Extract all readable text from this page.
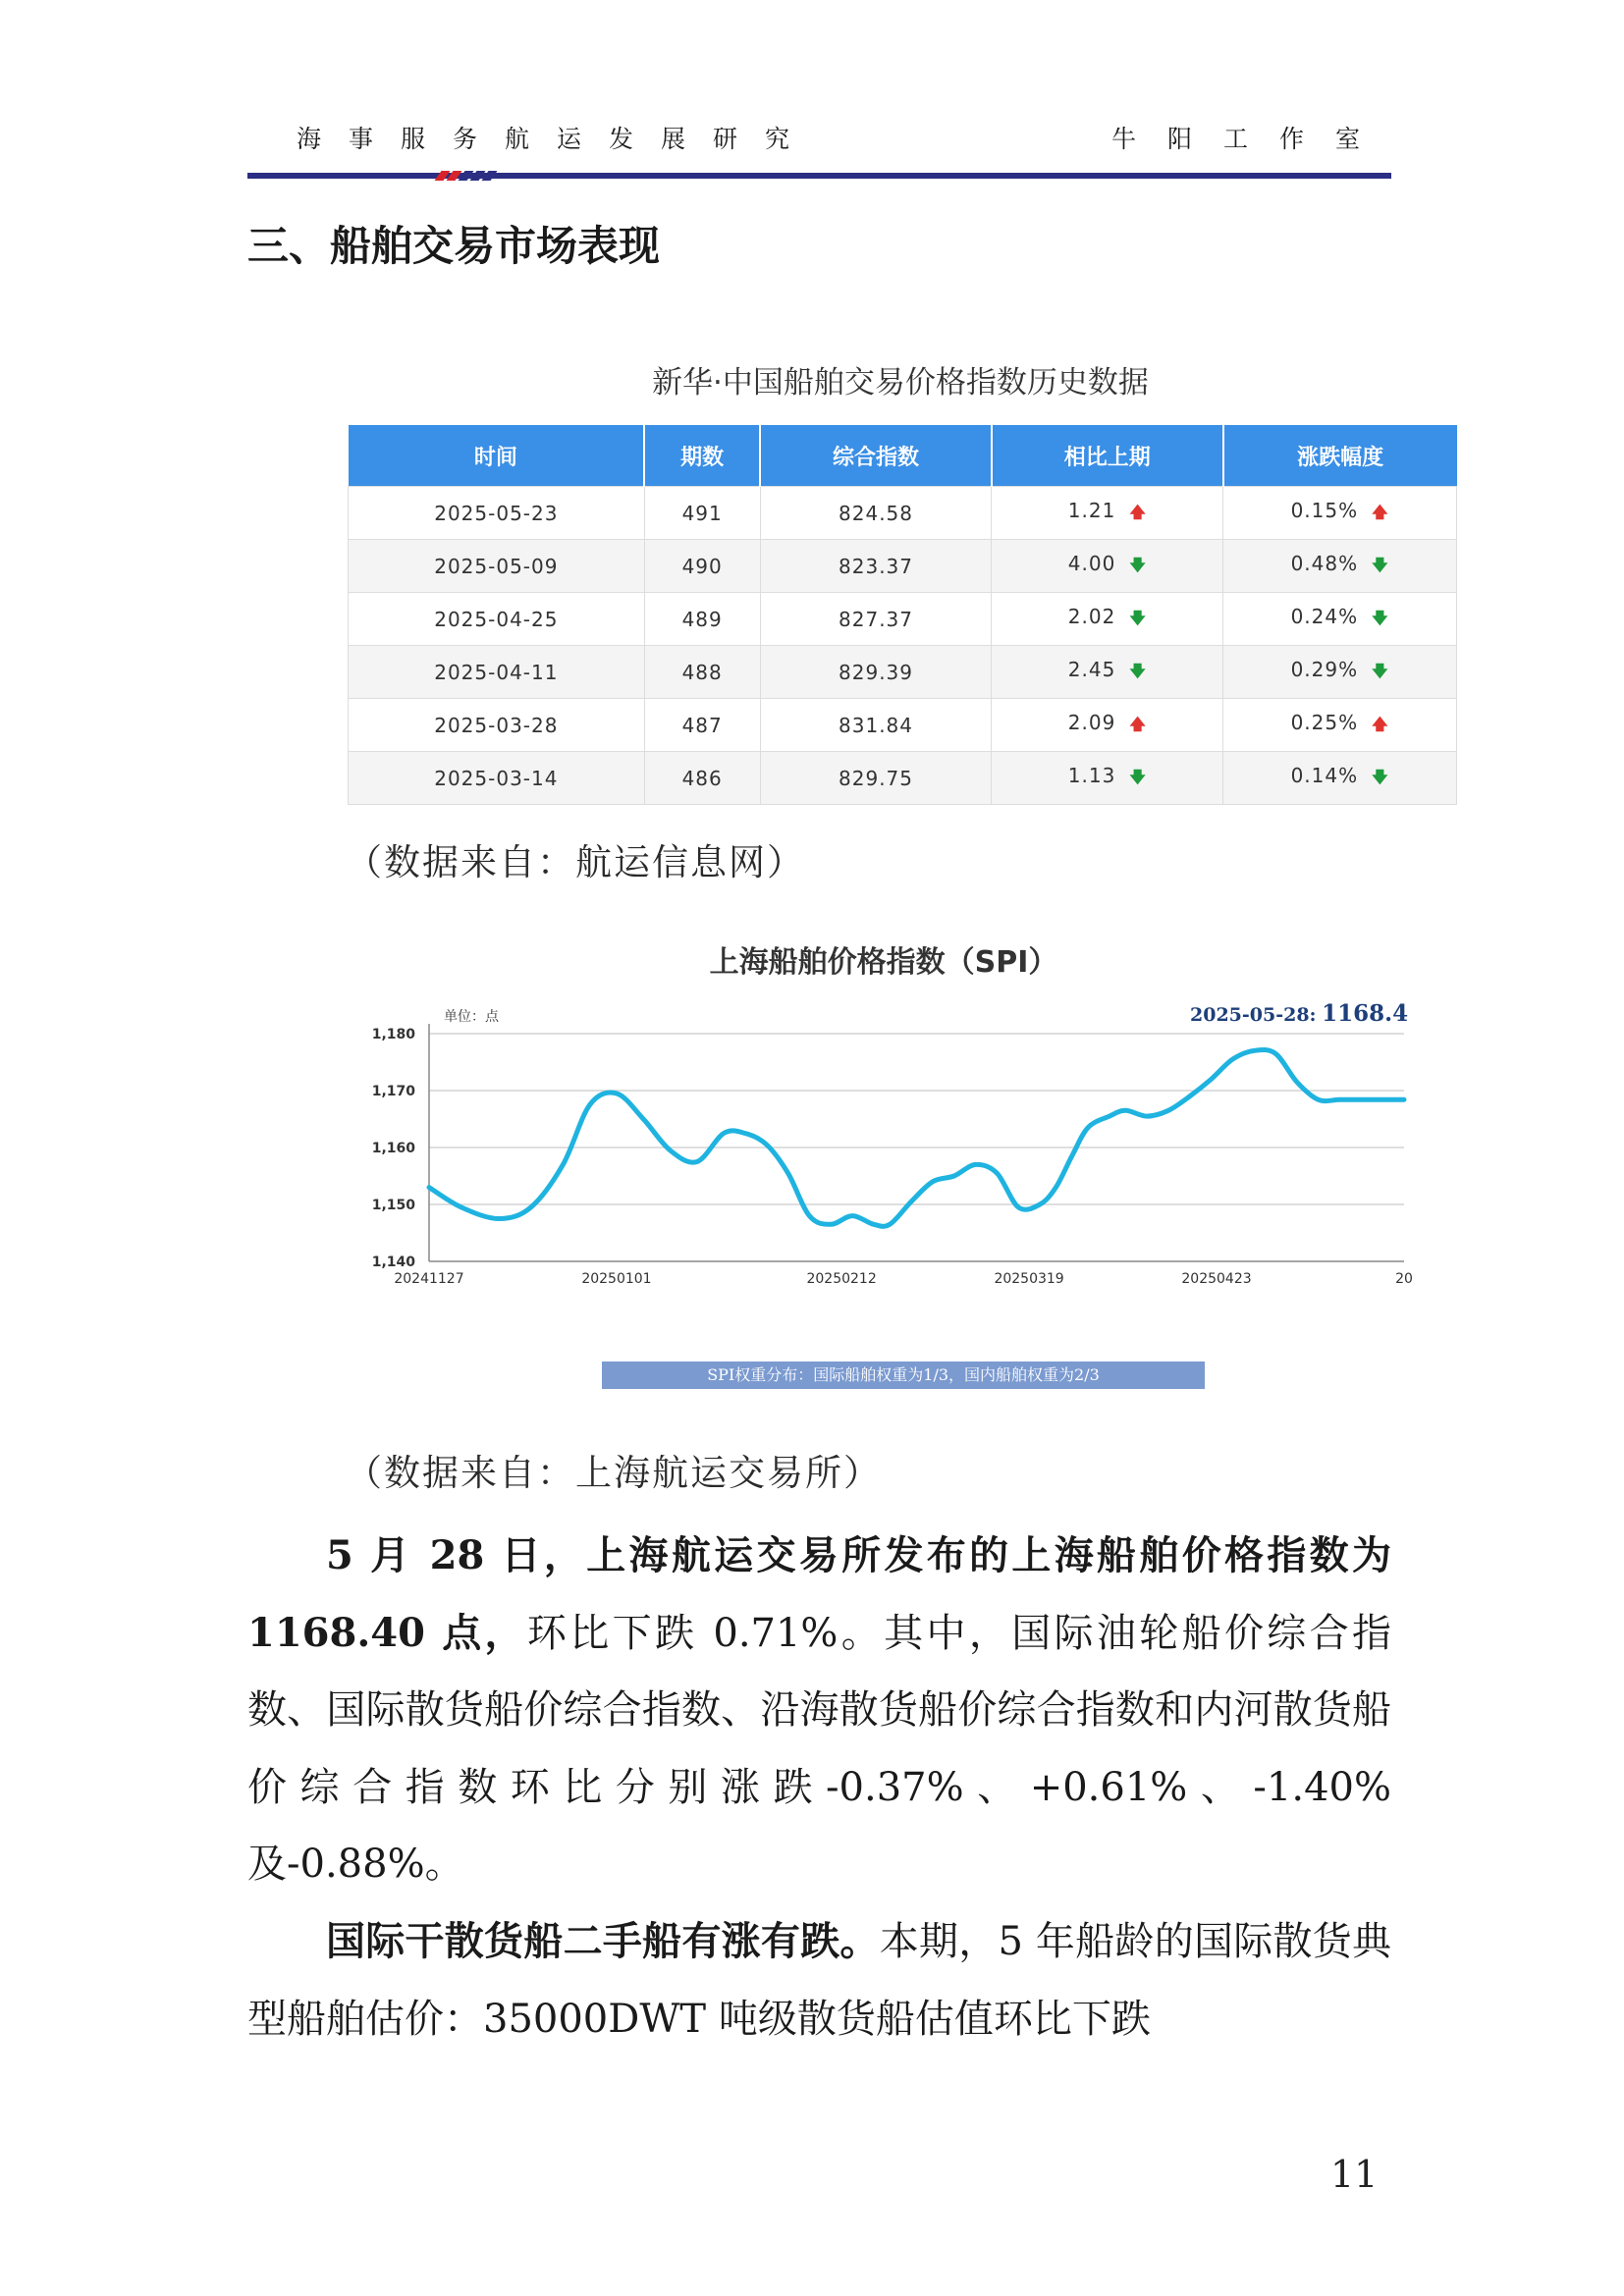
海事服务航运发展研究	牛阳工作室
三、船舶交易市场表现
新华·中国船舶交易价格指数历史数据
时间	期数	综合指数	相比上期	涨跌幅度
2025-05-23	491	824.58	1.21 🡅	0.15% 🡅
2025-05-09	490	823.37	4.00 🡇	0.48% 🡇
2025-04-25	489	827.37	2.02 🡇	0.24% 🡇
2025-04-11	488	829.39	2.45 🡇	0.29% 🡇
2025-03-28	487	831.84	2.09 🡅	0.25% 🡅
2025-03-14	486	829.75	1.13 🡇	0.14% 🡇
（数据来自：航运信息网）
上海船舶价格指数（SPI）
单位：点	2025-05-28: 1168.4
1,140
1,150
1,160
1,170
1,180
20241127	20250101	20250212	20250319	20250423	20
SPI权重分布：国际船舶权重为1/3，国内船舶权重为2/3
（数据来自：上海航运交易所）

5 月 28 日，上海航运交易所发布的上海船舶价格指数为 1168.40 点，环比下跌 0.71%。其中，国际油轮船价综合指数、国际散货船价综合指数、沿海散货船价综合指数和内河散货船价综合指数环比分别涨跌-0.37%、+0.61%、-1.40%及-0.88%。

国际干散货船二手船有涨有跌。本期，5 年船龄的国际散货典型船舶估价：35000DWT 吨级散货船估值环比下跌

11
